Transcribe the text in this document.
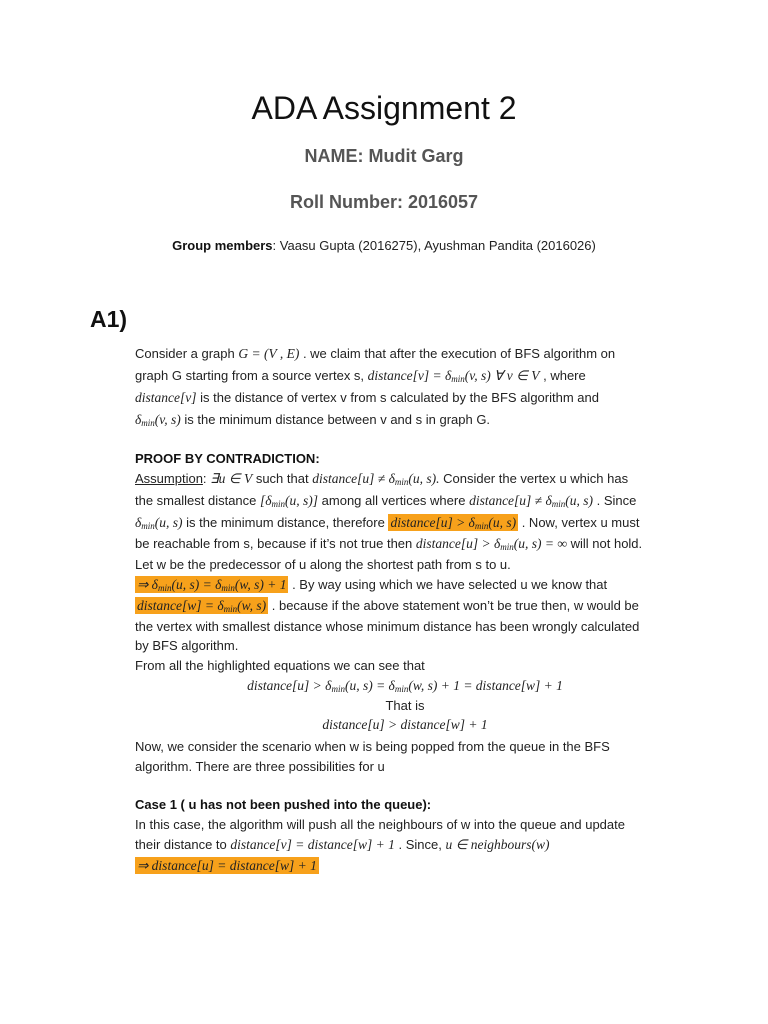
ADA Assignment 2
NAME: Mudit Garg
Roll Number: 2016057
Group members: Vaasu Gupta (2016275), Ayushman Pandita (2016026)
A1)
Consider a graph G = (V , E) . we claim that after the execution of BFS algorithm on
graph G starting from a source vertex s, distance[v] = $\delta_{min}(v$, s) ∀ v ∈ V , where
distance[v] is the distance of vertex v from s calculated by the BFS algorithm and
$\delta_{min}(v$, s) is the minimum distance between v and s in graph G.
PROOF BY CONTRADICTION:
Assumption: ∃u ∈ V such that distance[u] ≠ $\delta_{min}(u$, s). Consider the vertex u which has
the smallest distance [$\delta_{min}(u$, s)] among all vertices where distance[u] ≠ $\delta_{min}(u$, s) . Since
$\delta_{min}(u$, s) is the minimum distance, therefore distance[u] > $\delta_{min}(u$, s) . Now, vertex u must
be reachable from s, because if it’s not true then distance[u] > $\delta_{min}(u$, s) = ∞ will not hold.
Let w be the predecessor of u along the shortest path from s to u.
⇒ $\delta_{min}(u$, $s) = \delta_{min}(w$, s) + 1 . By way using which we have selected u we know that
distance[w] = $\delta_{min}(w$, s) . because if the above statement won’t be true then, w would be
the vertex with smallest distance whose minimum distance has been wrongly calculated
by BFS algorithm.
From all the highlighted equations we can see that
distance[u] > $\delta_{min}(u$, $s) = \delta_{min}(w$, s) + 1 = distance[w] + 1
That is
distance[u] > distance[w] + 1
Now, we consider the scenario when w is being popped from the queue in the BFS
algorithm. There are three possibilities for u
Case 1 ( u has not been pushed into the queue):
In this case, the algorithm will push all the neighbours of w into the queue and update
their distance to distance[v] = distance[w] + 1 . Since, u ∈ neighbours(w)
⇒ distance[u] = distance[w] + 1
